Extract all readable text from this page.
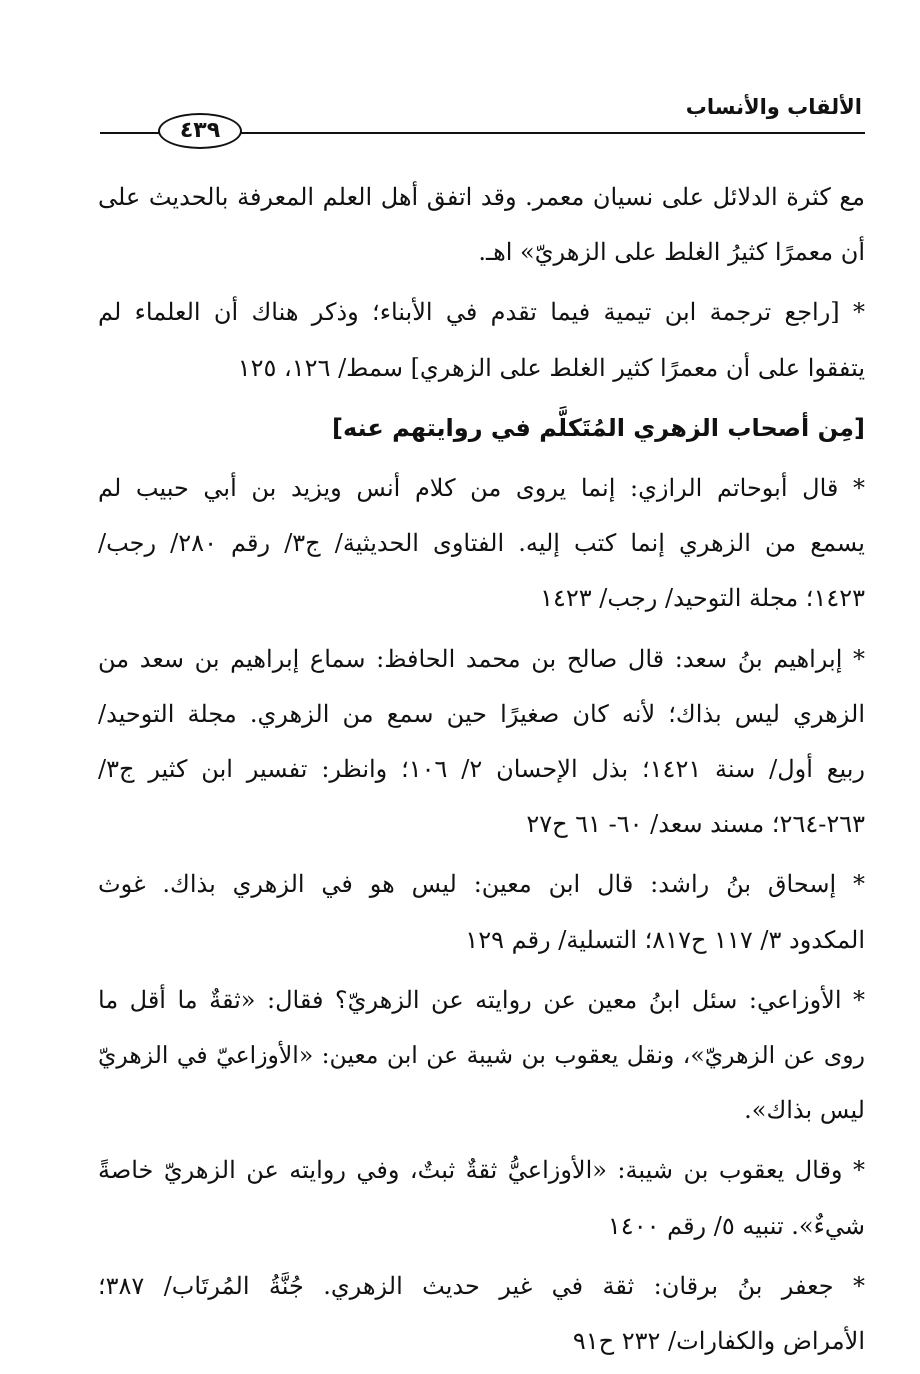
الألقاب والأنساب
٤٣٩

مع كثرة الدلائل على نسيان معمر. وقد اتفق أهل العلم المعرفة بالحديث على
أن معمرًا كثيرُ الغلط على الزهريّ» اهـ.

* [راجع ترجمة ابن تيمية فيما تقدم في الأبناء؛ وذكر هناك أن العلماء لم
يتفقوا على أن معمرًا كثير الغلط على الزهري] سمط/ ١٢٦، ١٢٥

[مِن أصحاب الزهري المُتَكلَّم في روايتهم عنه]

* قال أبوحاتم الرازي: إنما يروى من كلام أنس ويزيد بن أبي حبيب لم
يسمع من الزهري إنما كتب إليه. الفتاوى الحديثية/ ج٣/ رقم ٢٨٠/ رجب/
١٤٢٣؛ مجلة التوحيد/ رجب/ ١٤٢٣

* إبراهيم بنُ سعد: قال صالح بن محمد الحافظ: سماع إبراهيم بن سعد من
الزهري ليس بذاك؛ لأنه كان صغيرًا حين سمع من الزهري. مجلة التوحيد/
ربيع أول/ سنة ١٤٢١؛ بذل الإحسان ٢/ ١٠٦؛ وانظر: تفسير ابن كثير ج٣/
٢٦٣-٢٦٤؛ مسند سعد/ ٦٠- ٦١ ح٢٧

* إسحاق بنُ راشد: قال ابن معين: ليس هو في الزهري بذاك. غوث
المكدود ٣/ ١١٧ ح٨١٧؛ التسلية/ رقم ١٢٩

* الأوزاعي: سئل ابنُ معين عن روايته عن الزهريّ؟ فقال: «ثقةٌ ما أقل ما
روى عن الزهريّ»، ونقل يعقوب بن شيبة عن ابن معين: «الأوزاعيّ في الزهريّ
ليس بذاك».

* وقال يعقوب بن شيبة: «الأوزاعيُّ ثقةٌ ثبتٌ، وفي روايته عن الزهريّ خاصةً
شيءٌ». تنبيه ٥/ رقم ١٤٠٠

* جعفر بنُ برقان: ثقة في غير حديث الزهري. جُنَّةُ المُرتَاب/ ٣٨٧؛
الأمراض والكفارات/ ٢٣٢ ح٩١
